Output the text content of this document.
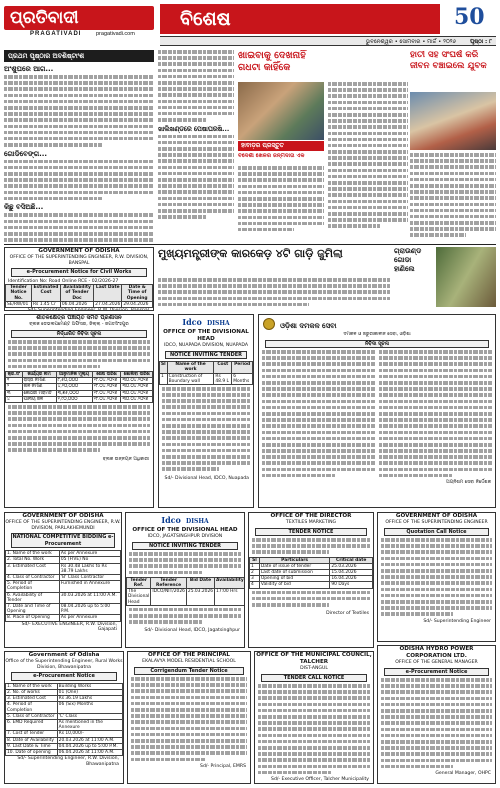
ପ୍ରତିବାଦୀ
PRAGATIVADI	pragativadi.com
ବିଶେଷ	50
ଭୁବନେଶ୍ୱର • ସୋମବାର • ମାର୍ଚ୍ଚ • ୨୦୨୬	ପୃଷ୍ଠା : ୮
ପ୍ରଥମ ପୃଷ୍ଠାର ଅବଶିଷ୍ଟାଂଶ
ଅଂଶୁଘରେ ଆଗ...
ଗୋଡିବେଙ୍ଗ...
କିଛୁ ବସିଅଛି...
ଖାଲିଖଣ୍ଡରେ ପେଷାଘରଷି...
ଖାଇବାକୁ ଦେଖନାହିଁ ଗଧଟା କାହିଁକେ
ହାବାଡ଼ର ପ୍ରସ୍ତୁତ
ବିଦେଶୀ ଖେଳର ଜନ୍ମଦାତା ଏକ
ହାତୀ ସହ ସଂଘର୍ଷ କରି ଜୀବନ ବଞ୍ଚାଇଲେ ଯୁବକ
GOVERNMENT OF ODISHA
OFFICE OF THE SUPERINTENDING ENGINEER, R.W. DIVISION, BANSPAL
e-Procurement Notice for Civil Works
Identification No: Road Online RCE - 02/2026-27
Tender Notice No.	Estimated Cost	Availability of Tender Doc	Last Date	Date & Time of Opening
SE/RW/01	Rs 1.45 Cr	06.04.2026	27.04.2026	29.04.2026
Sd/- Superintending Engineer, R.W. Division, Banspal
ମୁଖ୍ୟମନ୍ତ୍ରୀଙ୍କ କାରକେଡ଼ ୪ଟି ଗାଡ଼ି ଜୁମିଲା	ଗ୍ରାଉଣ୍ଡ ଗୋଡା ହାଣିଲେ
ଶୀତଳକ୍ଷେତ୍ର ପଞ୍ଚାୟତ ସମିତି ପ୍ରଶାସନ
ବ୍ଲକ ଡେଭଲପମେଣ୍ଟ ଅଫିସର, ଜିଲ୍ଲା - ଜଗତସିଂହପୁର
ନିର୍ଦ୍ଧାରିତ ନିବିଦା ସୂଚନା
କ୍ର.ସଂ	କାର୍ଯ୍ୟର ନାମ	ଆନୁମାନିକ ମୂଲ୍ୟ	ଶେଷ ତାରିଖ	ଖୋଲିବା ତାରିଖ
୧	ରାସ୍ତା ନିର୍ମାଣ	୮,୫୦,୦୦୦	୨୮.୦୪.୨୦୨୬	୩୦.୦୪.୨୦୨୬
୨	ନାଳ ନିର୍ମାଣ	୪,୨୦,୦୦୦	୨୮.୦୪.୨୦୨୬	୩୦.୦୪.୨୦୨୬
୩	କୋଠରୀ ମରାମତି	୩,୭୫,୦୦୦	୨୮.୦୪.୨୦୨୬	୩୦.୦୪.୨୦୨୬
୪	ପାନୀୟ ଜଳ	୨,୯୦,୦୦୦	୨୮.୦୪.୨୦୨୬	୩୦.୦୪.୨୦୨୬
ବ୍ଲକ ଉନ୍ନୟନ ଅଧିକାରୀ
Idco DISHA
OFFICE OF THE DIVISIONAL HEAD
IDCO, NUAPADA DIVISION, NUAPADA
NOTICE INVITING TENDER
Sl	Name of the work	Cost	Period
1	Construction of Boundary wall	Rs 48.9 L	6 Months
Sd/- Divisional Head, IDCO, Nuapada
ଓଡ଼ିଶା ଦମକଳ ସେବା
ଦମକଳ ଓ ଜରୁରୀକାଳୀନ ସେବା, ଓଡ଼ିଶା
ନିବିଦା ସୂଚନା
ଅଗ୍ନିଶମ ସେବା ନିର୍ଦ୍ଦେଶକ
GOVERNMENT OF ODISHA
OFFICE OF THE SUPERINTENDING ENGINEER, R.W. DIVISION, PARLAKHEMUNDI
NATIONAL COMPETITIVE BIDDING e-Procurement
1. Name of the work	As per Annexure
2. Total No. Work	05 (FIVE) No
3. Estimated Cost	Rs 30.48 Lakhs to Rs 38.79 Lakhs
4. Class of Contractor	'B' Class Contractor
5. Period of Completion	Furnished in Annexure
6. Availability of Tender	30.03.2026 at 11:00 A.M.
7. Date and Time of Opening	08.04.2026 up to 5:00 P.M.
8. Place of Opening	As per Annexure
Sd/- EXECUTIVE ENGINEER, R.W. Division, Gajapati
Idco DISHA
OFFICE OF THE DIVISIONAL HEAD
IDCO, JAGATSINGHPUR DIVISION
NOTICE INVITING TENDER
Tender Ref.	Tender Reference	Bid Date	Availability
The Divisional Head	IDCO/NIT/2026	25.03.2026	17:00 Hrs
Sd/- Divisional Head, IDCO, Jagatsinghpur
OFFICE OF THE DIRECTOR
TEXTILES MARKETING
TENDER NOTICE
Sl	Particulars	Critical date
1	Date of issue of tender	25.03.2026
2	Last date of submission	15.04.2026
3	Opening of bid	16.04.2026
4	Validity of bid	90 Days
Director of Textiles
GOVERNMENT OF ODISHA
OFFICE OF THE SUPERINTENDING ENGINEER
Quotation Call Notice
Sd/- Superintending Engineer
Government of Odisha
Office of the Superintending Engineer, Rural Works Division, Bhawanipatna
e-Procurement Notice
1. Name of the work	Building Works
2. No. of works	01 (One)
3. Estimated Cost	Rs 36.19 Lakhs
4. Period of Completion	06 (Six) Months
5. Class of Contractor	'C' Class
6. EMD Required	As mentioned in the Annexure
7. Cost of Tender	Rs 10,000/-
8. Date of Availability	20.03.2026 at 11:00 A.M.
9. Last Date & Time	04.04.2026 up to 5:00 P.M.
10. Date of opening	06.04.2026 at 11:00 A.M.
Sd/- Superintending Engineer, R.W. Division, Bhawanipatna
OFFICE OF THE PRINCIPAL
EKALAVYA MODEL RESIDENTIAL SCHOOL
Corrigendum Tender Notice
Sd/- Principal, EMRS
OFFICE OF THE MUNICIPAL COUNCIL, TALCHER
DIST-ANGUL
TENDER CALL NOTICE
Sd/- Executive Officer, Talcher Municipality
ODISHA HYDRO POWER CORPORATION LTD.
OFFICE OF THE GENERAL MANAGER
e-Procurement Notice
General Manager, OHPC
